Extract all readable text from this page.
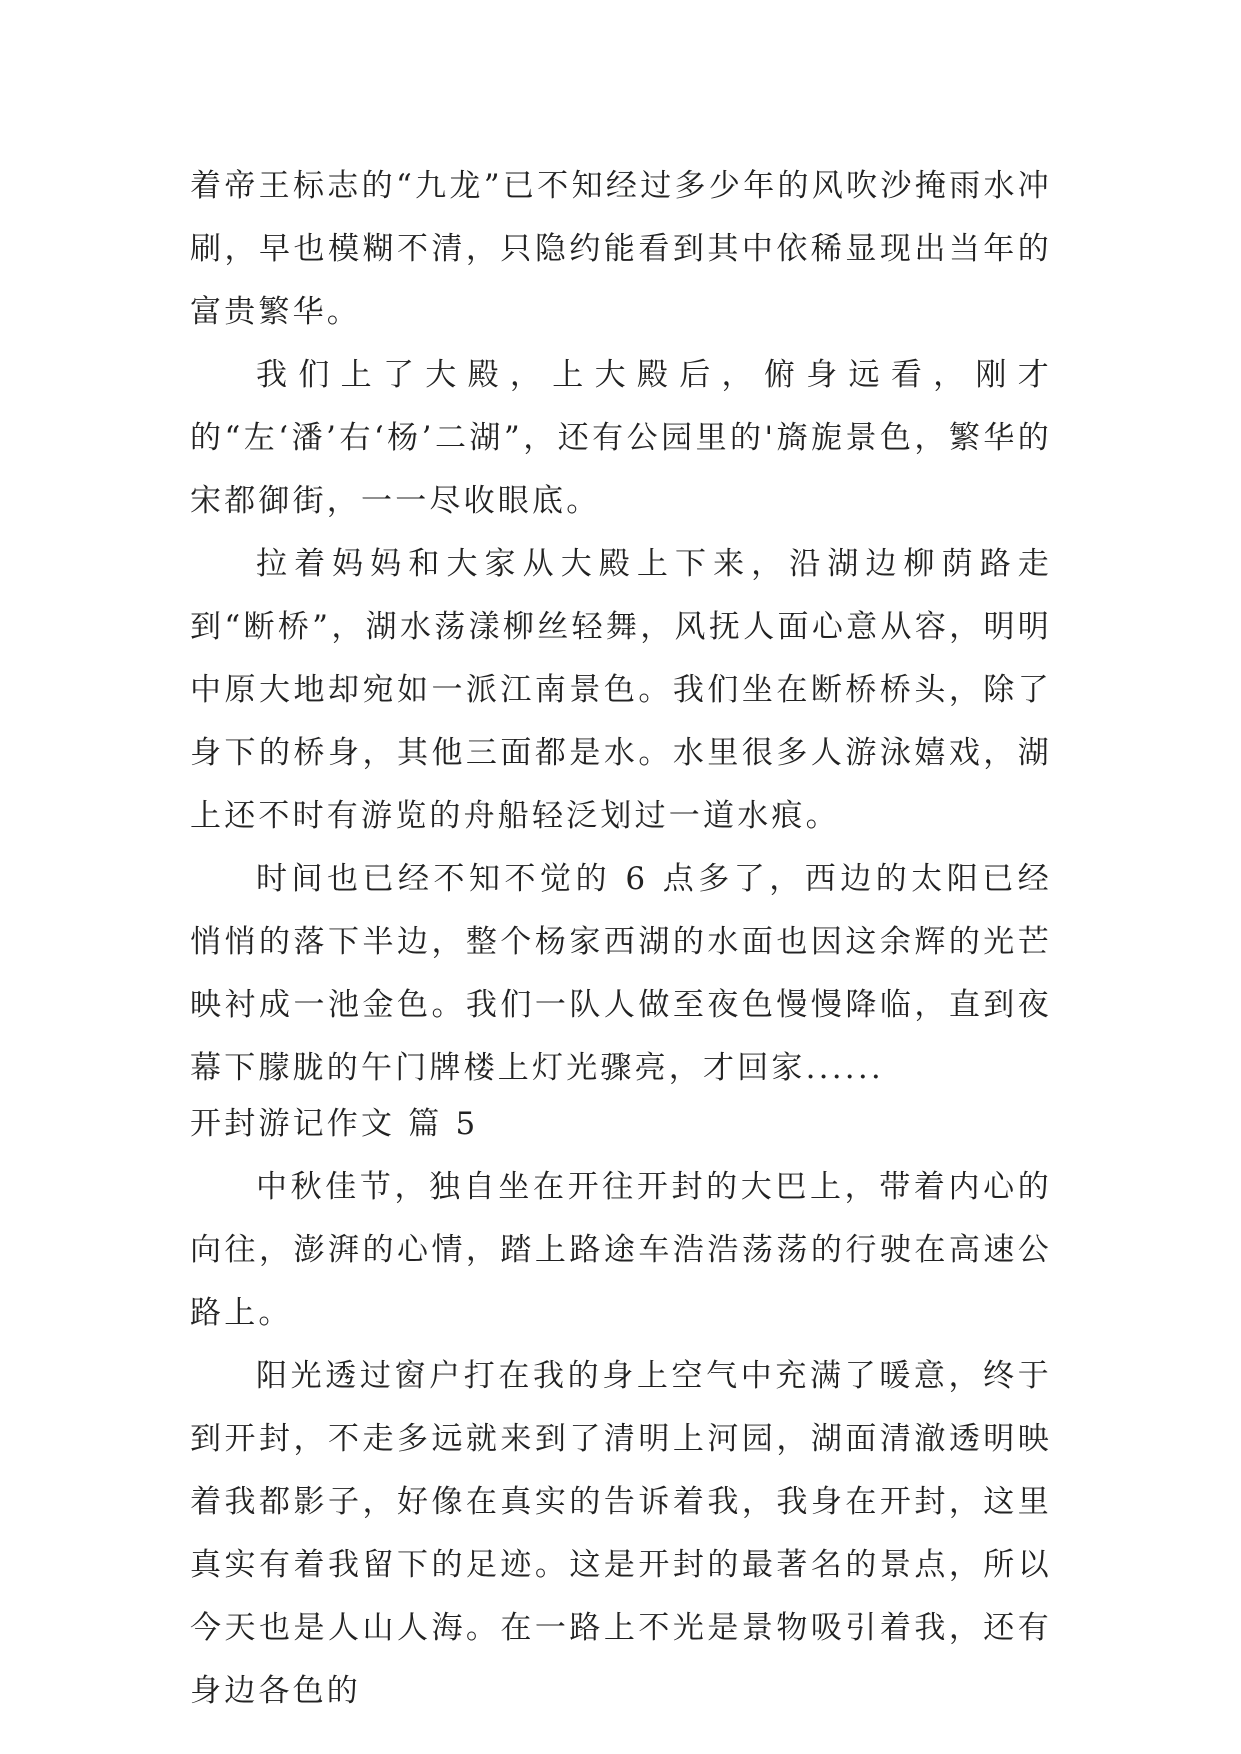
着帝王标志的“九龙”已不知经过多少年的风吹沙掩雨水冲刷，早也模糊不清，只隐约能看到其中依稀显现出当年的富贵繁华。

我们上了大殿，上大殿后，俯身远看，刚才的“左‘潘’右‘杨’二湖”，还有公园里的'旖旎景色，繁华的宋都御街，一一尽收眼底。

拉着妈妈和大家从大殿上下来，沿湖边柳荫路走到“断桥”，湖水荡漾柳丝轻舞，风抚人面心意从容，明明中原大地却宛如一派江南景色。我们坐在断桥桥头，除了身下的桥身，其他三面都是水。水里很多人游泳嬉戏，湖上还不时有游览的舟船轻泛划过一道水痕。

时间也已经不知不觉的 6 点多了，西边的太阳已经悄悄的落下半边，整个杨家西湖的水面也因这余辉的光芒映衬成一池金色。我们一队人做至夜色慢慢降临，直到夜幕下朦胧的午门牌楼上灯光骤亮，才回家......

开封游记作文 篇 5

中秋佳节，独自坐在开往开封的大巴上，带着内心的向往，澎湃的心情，踏上路途车浩浩荡荡的行驶在高速公路上。

阳光透过窗户打在我的身上空气中充满了暖意，终于到开封，不走多远就来到了清明上河园，湖面清澈透明映着我都影子，好像在真实的告诉着我，我身在开封，这里真实有着我留下的足迹。这是开封的最著名的景点，所以今天也是人山人海。在一路上不光是景物吸引着我，还有身边各色的
